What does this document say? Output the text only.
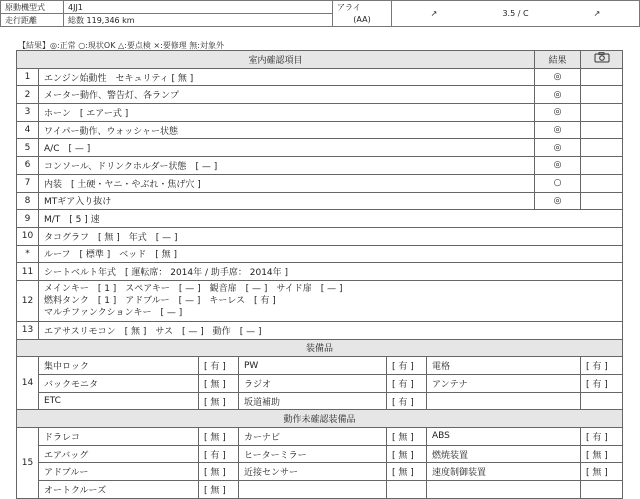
原動機型式	4JJ1	アライ	↗ 3.5 / C ↗
走行距離	総数 119,346 km	(AA)	
【結果】◎:正常 ○:現状OK △:要点検 ×:要修理 無:対象外
室内確認項目						結果	
1	エンジン始動性　セキュリティ [ 無 ]					◎	
2	メーター動作、警告灯、各ランプ					◎	
3	ホーン　[ エアー式 ]					◎	
4	ワイパー動作、ウォッシャー状態					◎	
5	A/C　[ — ]					◎	
6	コンソール、ドリンクホルダー状態　[ — ]					◎	
7	内装　[ 土硬・ヤニ・やぶれ・焦げ穴 ]					○	
8	MTギア入り抜け					◎	
9	M/T　[ 5 ] 速						
10	タコグラフ　[ 無 ]　年式　[ — ]						
*	ルーフ　[ 標準 ]　ベッド　[ 無 ]						
11	シートベルト年式　[ 運転席： 2014年 / 助手席： 2014年 ]						
12	メインキー　[ 1 ]　スペアキー　[ — ]　観音扉　[ — ]　サイド扉　[ — ]
燃料タンク　[ 1 ]　アドブルー　[ — ]　キーレス　[ 有 ]
マルチファンクションキー　[ — ]						

13	エアサスリモコン　[ 無 ]　サス　[ — ]　動作　[ — ]						
装備品							
14	集中ロック	[ 有 ]	PW	[ 有 ]	電格		[ 有 ]
	バックモニタ	[ 無 ]	ラジオ	[ 有 ]	アンテナ		[ 有 ]
	ETC	[ 無 ]	坂道補助	[ 有 ]			
動作未確認装備品							
15	ドラレコ	[ 無 ]	カーナビ	[ 無 ]	ABS		[ 有 ]
	エアバッグ	[ 有 ]	ヒーターミラー	[ 無 ]	燃焼装置		[ 無 ]
	アドブルー	[ 無 ]	近接センサー	[ 無 ]	速度制御装置		[ 無 ]
	オートクルーズ	[ 無 ]					
